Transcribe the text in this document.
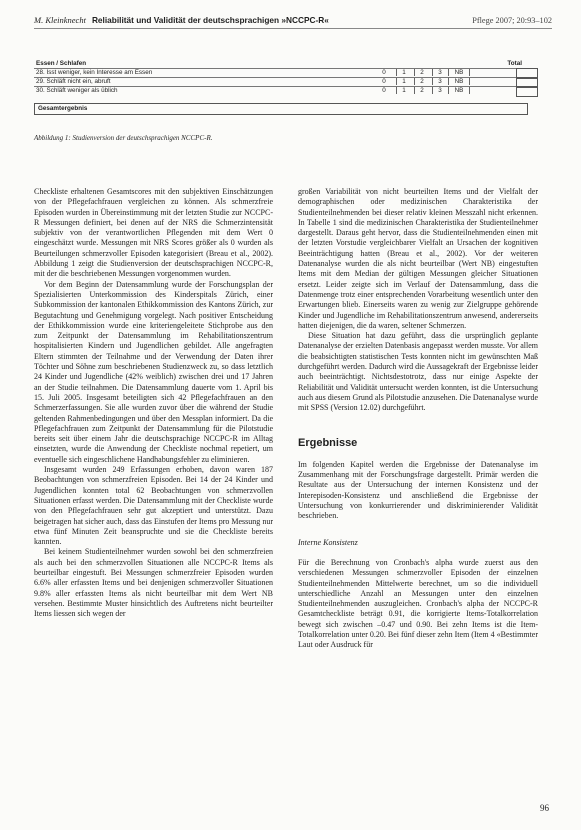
M. Kleinknecht Reliabilität und Validität der deutschsprachigen »NCCPC-R«	Pflege 2007; 20:93–102
Essen / Schlafen	Total
28. Isst weniger, kein Interesse am Essen	0	1	2	3	NB
29. Schläft nicht ein, abruft	0	1	2	3	NB
30. Schläft weniger als üblich	0	1	2	3	NB
Gesamtergebnis
Abbildung 1: Studienversion der deutschsprachigen NCCPC-R.

Checkliste erhaltenen Gesamtscores mit den subjektiven Einschätzungen von der Pflegefachfrauen vergleichen zu können. Als schmerzfreie Episoden wurden in Übereinstimmung mit der letzten Studie zur NCCPC-R Messungen definiert, bei denen auf der NRS die Schmerzintensität subjektiv von der verantwortlichen Pflegenden mit dem Wert 0 eingeschätzt wurde. Messungen mit NRS Scores größer als 0 wurden als Beurteilungen schmerzvoller Episoden kategorisiert (Breau et al., 2002). Abbildung 1 zeigt die Studienversion der deutschsprachigen NCCPC-R, mit der die beschriebenen Messungen vorgenommen wurden.

Vor dem Beginn der Datensammlung wurde der Forschungsplan der Spezialisierten Unterkommission des Kinderspitals Zürich, einer Subkommission der kantonalen Ethikkommission des Kantons Zürich, zur Begutachtung und Genehmigung vorgelegt. Nach positiver Entscheidung der Ethikkommission wurde eine kriteriengeleitete Stichprobe aus den zum Zeitpunkt der Datensammlung im Rehabilitationszentrum hospitalisierten Kindern und Jugendlichen gebildet. Alle angefragten Eltern stimmten der Teilnahme und der Verwendung der Daten ihrer Töchter und Söhne zum beschriebenen Studienzweck zu, so dass letztlich 24 Kinder und Jugendliche (42% weiblich) zwischen drei und 17 Jahren an der Studie teilnahmen. Die Datensammlung dauerte vom 1. April bis 15. Juli 2005. Insgesamt beteiligten sich 42 Pflegefachfrauen an den Schmerzerfassungen. Sie alle wurden zuvor über die während der Studie geltenden Rahmenbedingungen und über den Messplan informiert. Da die Pflegefachfrauen zum Zeitpunkt der Datensammlung für die Pilotstudie bereits seit über einem Jahr die deutschsprachige NCCPC-R im Alltag einsetzten, wurde die Anwendung der Checkliste nochmal repetiert, um eventuelle sich eingeschlichene Handhabungsfehler zu eliminieren.

Insgesamt wurden 249 Erfassungen erhoben, davon waren 187 Beobachtungen von schmerzfreien Episoden. Bei 14 der 24 Kinder und Jugendlichen konnten total 62 Beobachtungen von schmerzvollen Situationen erfasst werden. Die Datensammlung mit der Checkliste wurde von den Pflegefachfrauen sehr gut akzeptiert und unterstützt. Dazu beigetragen hat sicher auch, dass das Einstufen der Items pro Messung nur etwa fünf Minuten Zeit beanspruchte und sie die Checkliste bereits kannten.

Bei keinem Studienteilnehmer wurden sowohl bei den schmerzfreien als auch bei den schmerzvollen Situationen alle NCCPC-R Items als beurteilbar eingestuft. Bei Messungen schmerzfreier Episoden wurden 6.6% aller erfassten Items und bei denjenigen schmerzvoller Situationen 9.8% aller erfassten Items als nicht beurteilbar mit dem Wert NB versehen. Bestimmte Muster hinsichtlich des Auftretens nicht beurteilter Items liessen sich wegen der

großen Variabilität von nicht beurteilten Items und der Vielfalt der demographischen oder medizinischen Charakteristika der Studienteilnehmenden bei dieser relativ kleinen Messzahl nicht erkennen. In Tabelle 1 sind die medizinischen Charakteristika der Studienteilnehmer dargestellt. Daraus geht hervor, dass die Studienteilnehmenden einen mit der letzten Vorstudie vergleichbarer Vielfalt an Ursachen der kognitiven Beeinträchtigung hatten (Breau et al., 2002). Vor der weiteren Datenanalyse wurden die als nicht beurteilbar (Wert NB) eingestuften Items mit dem Median der gültigen Messungen gleicher Situationen ersetzt. Leider zeigte sich im Verlauf der Datensammlung, dass die Datenmenge trotz einer entsprechenden Vorarbeitung wesentlich unter den Erwartungen blieb. Einerseits waren zu wenig zur Zielgruppe gehörende Kinder und Jugendliche im Rehabilitationszentrum anwesend, andererseits hatten diejenigen, die da waren, seltener Schmerzen.

Diese Situation hat dazu geführt, dass die ursprünglich geplante Datenanalyse der erzielten Datenbasis angepasst werden musste. Vor allem die beabsichtigten statistischen Tests konnten nicht im gewünschten Maß durchgeführt werden. Dadurch wird die Aussagekraft der Ergebnisse leider auch beeinträchtigt. Nichtsdestotrotz, dass nur einige Aspekte der Reliabilität und Validität untersucht werden konnten, ist die Untersuchung auch aus diesem Grund als Pilotstudie anzusehen. Die Datenanalyse wurde mit SPSS (Version 12.02) durchgeführt.

Ergebnisse

Im folgenden Kapitel werden die Ergebnisse der Datenanalyse im Zusammenhang mit der Forschungsfrage dargestellt. Primär werden die Resultate aus der Untersuchung der internen Konsistenz und der Interepisoden-Konsistenz und anschließend die Ergebnisse der Untersuchung von konkurrierender und diskriminierender Validität beschrieben.

Interne Konsistenz

Für die Berechnung von Cronbach's alpha wurde zuerst aus den verschiedenen Messungen schmerzvoller Episoden der einzelnen Studienteilnehmenden Mittelwerte berechnet, um so die individuell unterschiedliche Anzahl an Messungen unter den einzelnen Studienteilnehmenden auszugleichen. Cronbach's alpha der NCCPC-R Gesamtcheckliste beträgt 0.91, die korrigierte Items-Totalkorrelation bewegt sich zwischen –0.47 und 0.90. Bei zehn Items ist die Item-Totalkorrelation unter 0.20. Bei fünf dieser zehn Item (Item 4 «Bestimmter Laut oder Ausdruck für

96
